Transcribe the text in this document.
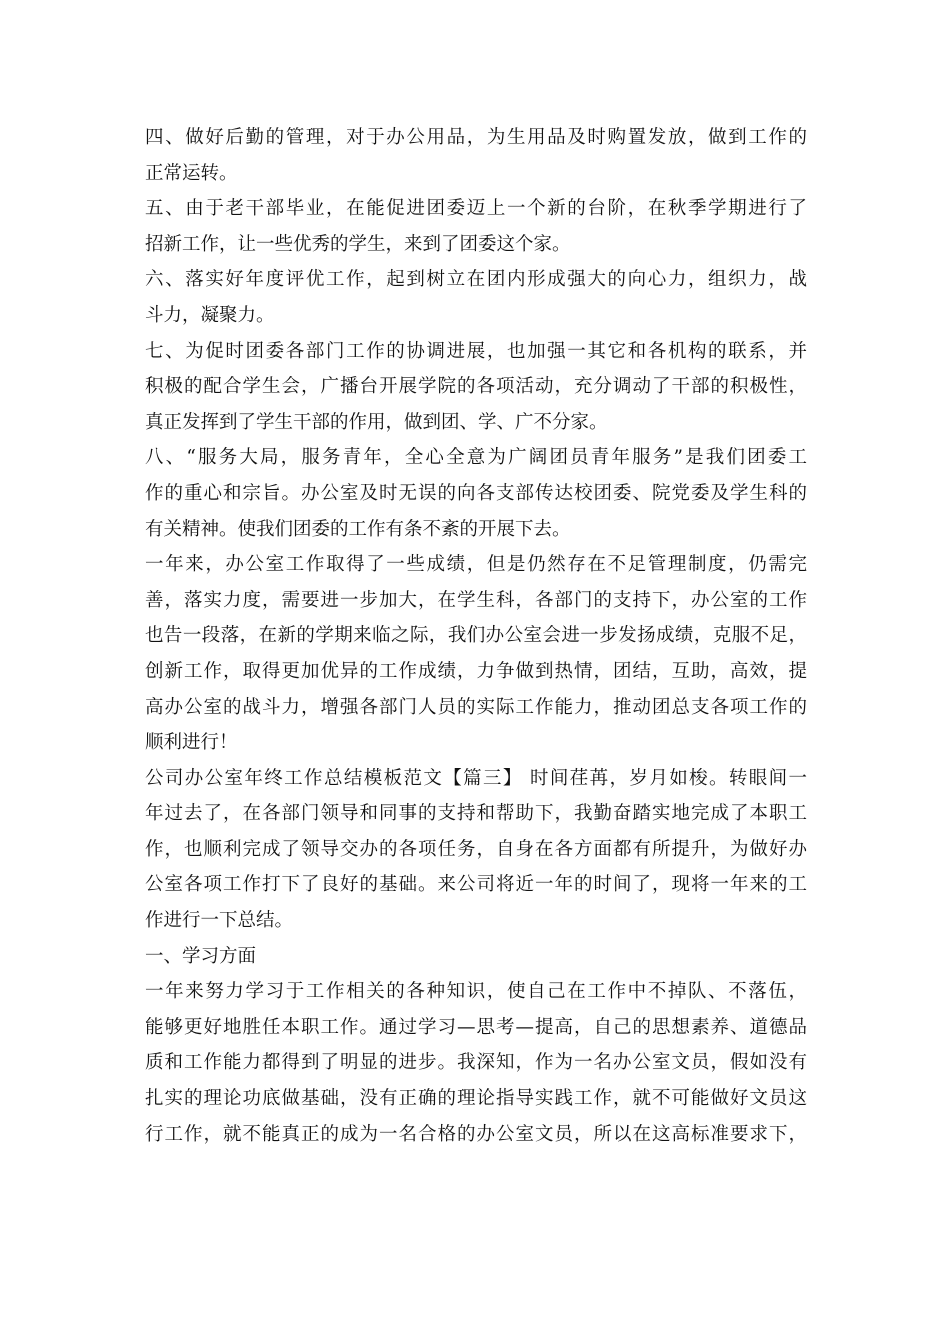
四、做好后勤的管理，对于办公用品，为生用品及时购置发放，做到工作的
正常运转。
五、由于老干部毕业，在能促进团委迈上一个新的台阶，在秋季学期进行了
招新工作，让一些优秀的学生，来到了团委这个家。
六、落实好年度评优工作，起到树立在团内形成强大的向心力，组织力，战
斗力，凝聚力。
七、为促时团委各部门工作的协调进展，也加强一其它和各机构的联系，并
积极的配合学生会，广播台开展学院的各项活动，充分调动了干部的积极性，
真正发挥到了学生干部的作用，做到团、学、广不分家。
八、“服务大局，服务青年，全心全意为广阔团员青年服务”是我们团委工
作的重心和宗旨。办公室及时无误的向各支部传达校团委、院党委及学生科的
有关精神。使我们团委的工作有条不紊的开展下去。
一年来，办公室工作取得了一些成绩，但是仍然存在不足管理制度，仍需完
善，落实力度，需要进一步加大，在学生科，各部门的支持下，办公室的工作
也告一段落，在新的学期来临之际，我们办公室会进一步发扬成绩，克服不足，
创新工作，取得更加优异的工作成绩，力争做到热情，团结，互助，高效，提
高办公室的战斗力，增强各部门人员的实际工作能力，推动团总支各项工作的
顺利进行！
公司办公室年终工作总结模板范文【篇三】 时间荏苒，岁月如梭。转眼间一
年过去了，在各部门领导和同事的支持和帮助下，我勤奋踏实地完成了本职工
作，也顺利完成了领导交办的各项任务，自身在各方面都有所提升，为做好办
公室各项工作打下了良好的基础。来公司将近一年的时间了，现将一年来的工
作进行一下总结。
一、学习方面
一年来努力学习于工作相关的各种知识，使自己在工作中不掉队、不落伍，
能够更好地胜任本职工作。通过学习—思考—提高，自己的思想素养、道德品
质和工作能力都得到了明显的进步。我深知，作为一名办公室文员，假如没有
扎实的理论功底做基础，没有正确的理论指导实践工作，就不可能做好文员这
行工作，就不能真正的成为一名合格的办公室文员，所以在这高标准要求下，
